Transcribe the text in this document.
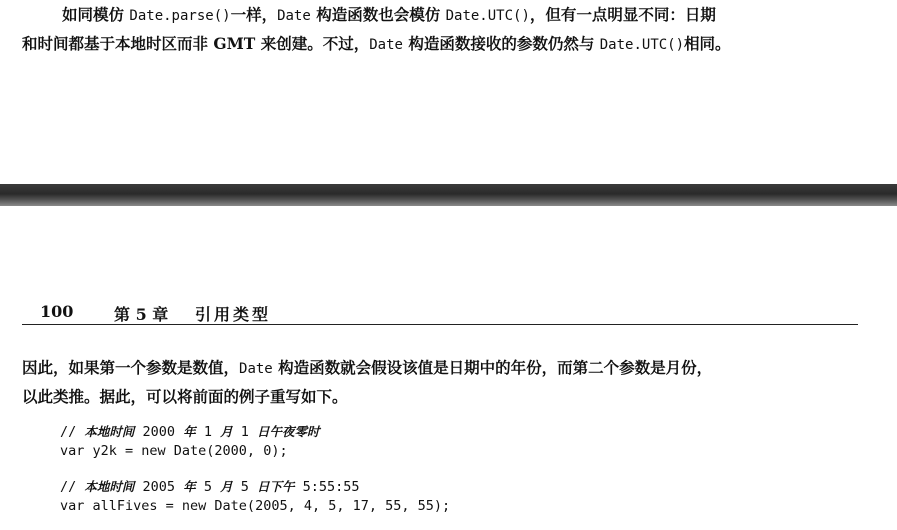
如同模仿 Date.parse()一样，Date 构造函数也会模仿 Date.UTC()，但有一点明显不同：日期
和时间都基于本地时区而非 GMT 来创建。不过，Date 构造函数接收的参数仍然与 Date.UTC()相同。

100	第 5 章 引用类型

因此，如果第一个参数是数值，Date 构造函数就会假设该值是日期中的年份，而第二个参数是月份，
以此类推。据此，可以将前面的例子重写如下。

// 本地时间 2000 年 1 月 1 日午夜零时
var y2k = new Date(2000, 0);
// 本地时间 2005 年 5 月 5 日下午 5:55:55
var allFives = new Date(2005, 4, 5, 17, 55, 55);
